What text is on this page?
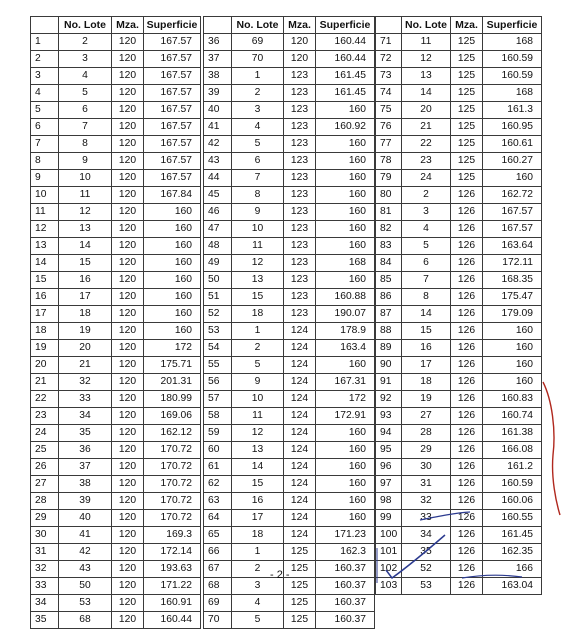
	No. Lote	Mza.	Superficie
1	2	120	167.57
2	3	120	167.57
3	4	120	167.57
4	5	120	167.57
5	6	120	167.57
6	7	120	167.57
7	8	120	167.57
8	9	120	167.57
9	10	120	167.57
10	11	120	167.84
11	12	120	160
12	13	120	160
13	14	120	160
14	15	120	160
15	16	120	160
16	17	120	160
17	18	120	160
18	19	120	160
19	20	120	172
20	21	120	175.71
21	32	120	201.31
22	33	120	180.99
23	34	120	169.06
24	35	120	162.12
25	36	120	170.72
26	37	120	170.72
27	38	120	170.72
28	39	120	170.72
29	40	120	170.72
30	41	120	169.3
31	42	120	172.14
32	43	120	193.63
33	50	120	171.22
34	53	120	160.91
35	68	120	160.44
	No. Lote	Mza.	Superficie
36	69	120	160.44
37	70	120	160.44
38	1	123	161.45
39	2	123	161.45
40	3	123	160
41	4	123	160.92
42	5	123	160
43	6	123	160
44	7	123	160
45	8	123	160
46	9	123	160
47	10	123	160
48	11	123	160
49	12	123	168
50	13	123	160
51	15	123	160.88
52	18	123	190.07
53	1	124	178.9
54	2	124	163.4
55	5	124	160
56	9	124	167.31
57	10	124	172
58	11	124	172.91
59	12	124	160
60	13	124	160
61	14	124	160
62	15	124	160
63	16	124	160
64	17	124	160
65	18	124	171.23
66	1	125	162.3
67	2	125	160.37
68	3	125	160.37
69	4	125	160.37
70	5	125	160.37
	No. Lote	Mza.	Superficie
71	11	125	168
72	12	125	160.59
73	13	125	160.59
74	14	125	168
75	20	125	161.3
76	21	125	160.95
77	22	125	160.61
78	23	125	160.27
79	24	125	160
80	2	126	162.72
81	3	126	167.57
82	4	126	167.57
83	5	126	163.64
84	6	126	172.11
85	7	126	168.35
86	8	126	175.47
87	14	126	179.09
88	15	126	160
89	16	126	160
90	17	126	160
91	18	126	160
92	19	126	160.83
93	27	126	160.74
94	28	126	161.38
95	29	126	166.08
96	30	126	161.2
97	31	126	160.59
98	32	126	160.06
99	33	126	160.55
100	34	126	161.45
101	35	126	162.35
102	52	126	166
103	53	126	163.04
- 2 -
